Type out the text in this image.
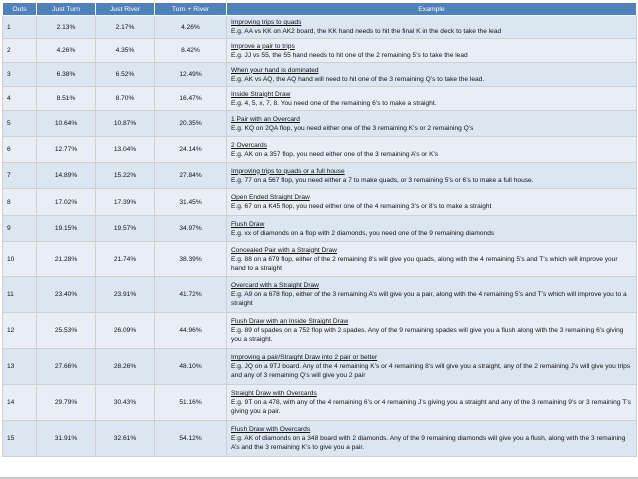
Outs	Just Turn	Just River	Turn + River	Example
1	2.13%	2.17%	4.26%	Improving trips to quads
E.g. AA vs KK on AK2 board, the KK hand needs to hit the final K in the deck to take the lead

2	4.26%	4.35%	8.42%	Improve a pair to trips
E.g. JJ vs 55, the 55 hand needs to hit one of the 2 remaining 5’s to take the lead

3	6.38%	6.52%	12.49%	When your hand is dominated
E.g. AK vs AQ, the AQ hand will need to hit one of the 3 remaining Q’s to take the lead.

4	8.51%	8.70%	16.47%	Inside Straight Draw
E.g. 4, 5, x, 7, 8. You need one of the remaining 6’s to make a straight.

5	10.64%	10.87%	20.35%	1 Pair with an Overcard
E.g. KQ on 2QA flop, you need either one of the 3 remaining K’s or 2 remaining Q’s

6	12.77%	13.04%	24.14%	2 Overcards
E.g. AK on a 357 flop, you need either one of the 3 remaining A’s or K’s

7	14.89%	15.22%	27.84%	Improving trips to quads or a full house
E.g. 77 on a 567 flop, you need either a 7 to make quads, or 3 remaining 5’s or 6’s to make a full house.

8	17.02%	17.39%	31.45%	Open Ended Straight Draw
E.g. 67 on a K45 flop, you need either one of the 4 remaining 3’s or 8’s to make a straight

9	19.15%	19.57%	34.97%	Flush Draw
E.g. xx of diamonds on a flop with 2 diamonds, you need one of the 9 remaining diamonds

10	21.28%	21.74%	38.39%	Concealed Pair with a Straight Draw
E.g. 88 on a 679 flop, either of the 2 remaining 8’s will give you quads, along with the 4 remaining 5’s and T’s which will improve your hand to a straight

11	23.40%	23.91%	41.72%	Overcard with a Straight Draw
E.g. A9 on a 678 flop, either of the 3 remaining A’s will give you a pair, along with the 4 remaining 5’s and T’s which will improve you to a straight

12	25.53%	26.09%	44.96%	Flush Draw with an Inside Straight Draw
E.g. 89 of spades on a 752 flop with 2 spades. Any of the 9 remaining spades will give you a flush along with the 3 remaining 6’s giving you a straight.

13	27.66%	28.26%	48.10%	Improving a pair/Straight Draw into 2 pair or better
E.g. JQ on a 9TJ board. Any of the 4 remaining K’s or 4 remaining 8’s will give you a straight, any of the 2 remaining J’s will give you trips and any of 3 remaining Q’s will give you 2 pair

14	29.79%	30.43%	51.16%	Straight Draw with Overcards
E.g. 9T on a 478, with any of the 4 remaining 6’s or 4 remaining J’s giving you a straight and any of the 3 remaining 9’s or 3 remaining T’s giving you a pair.

15	31.91%	32.61%	54.12%	Flush Draw with Overcards
E.g. AK of diamonds on a 348 board with 2 diamonds. Any of the 9 remaining diamonds will give you a flush, along with the 3 remaining A’s and the 3 remaining K’s to give you a pair.
